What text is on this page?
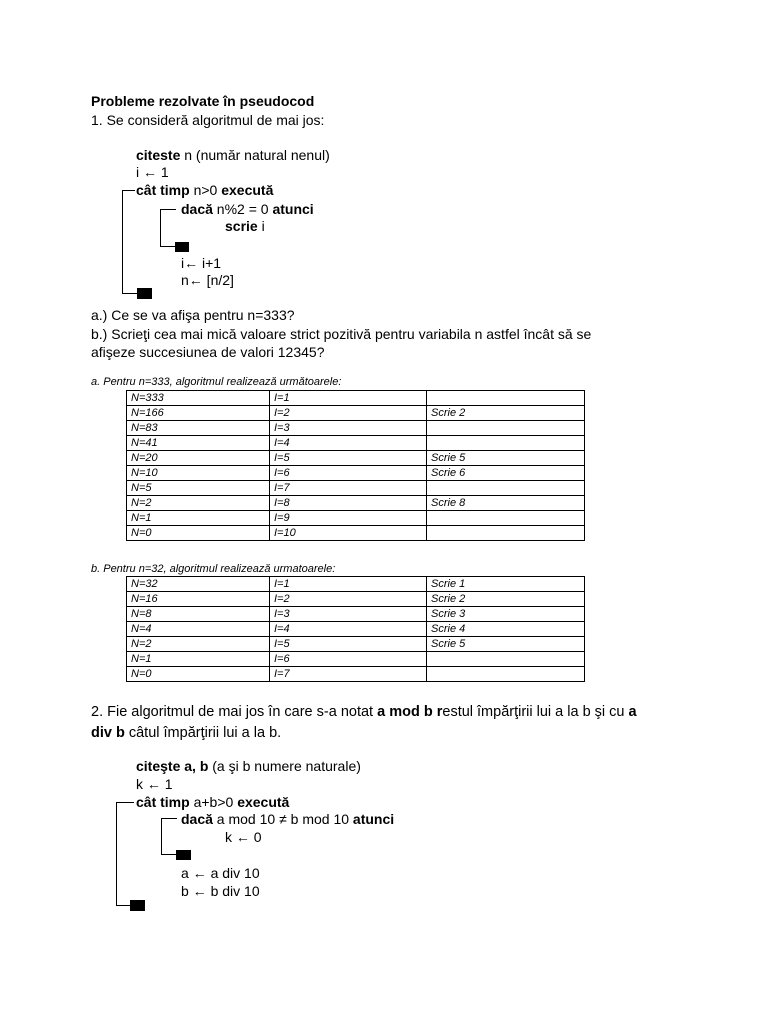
Probleme rezolvate în pseudocod
1. Se consideră algoritmul de mai jos:
citeste n (număr natural nenul)
i ← 1
cât timp n>0 execută
dacă n%2 = 0 atunci
scrie i
i← i+1
n← [n/2]
a.) Ce se va afişa pentru n=333?
b.) Scrieţi cea mai mică valoare strict pozitivă pentru variabila n astfel încât să se
afişeze succesiunea de valori 12345?
a. Pentru n=333, algoritmul realizează următoarele:
N=333	I=1	
N=166	I=2	Scrie 2
N=83	I=3	
N=41	I=4	
N=20	I=5	Scrie 5
N=10	I=6	Scrie 6
N=5	I=7	
N=2	I=8	Scrie 8
N=1	I=9	
N=0	I=10	
b. Pentru n=32, algoritmul realizează urmatoarele:
N=32	I=1	Scrie 1
N=16	I=2	Scrie 2
N=8	I=3	Scrie 3
N=4	I=4	Scrie 4
N=2	I=5	Scrie 5
N=1	I=6	
N=0	I=7	
2. Fie algoritmul de mai jos în care s-a notat a mod b restul împărţirii lui a la b şi cu a
div b câtul împărţirii lui a la b.
citeşte a, b (a şi b numere naturale)
k ← 1
cât timp a+b>0 execută
dacă a mod 10 ≠ b mod 10 atunci
k ← 0
a ← a div 10
b ← b div 10
